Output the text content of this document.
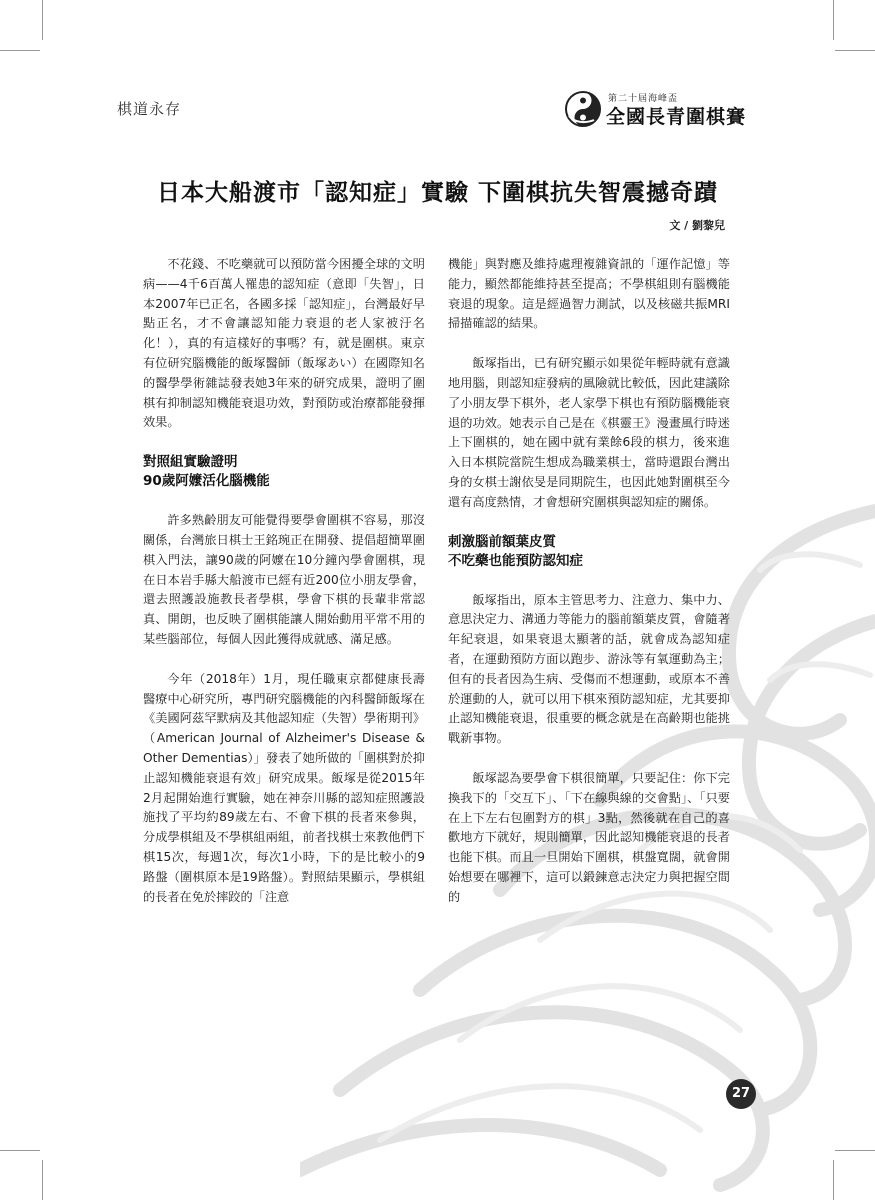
棋道永存
第二十屆海峰盃
全國長青圍棋賽
日本大船渡市「認知症」實驗 下圍棋抗失智震撼奇蹟
文 / 劉黎兒

不花錢、不吃藥就可以預防當今困擾全球的文明病——4千6百萬人罹患的認知症（意即「失智」，日本2007年已正名，各國多採「認知症」，台灣最好早點正名，才不會讓認知能力衰退的老人家被汙名化！），真的有這樣好的事嗎？有，就是圍棋。東京有位研究腦機能的飯塚醫師（飯塚あい）在國際知名的醫學學術雜誌發表她3年來的研究成果，證明了圍棋有抑制認知機能衰退功效，對預防或治療都能發揮效果。

對照組實驗證明
90歲阿嬤活化腦機能

許多熟齡朋友可能覺得要學會圍棋不容易，那沒關係，台灣旅日棋士王銘琬正在開發、提倡超簡單圍棋入門法，讓90歲的阿嬤在10分鐘內學會圍棋，現在日本岩手縣大船渡市已經有近200位小朋友學會，還去照護設施教長者學棋，學會下棋的長輩非常認真、開朗，也反映了圍棋能讓人開始動用平常不用的某些腦部位，每個人因此獲得成就感、滿足感。

今年（2018年）1月，現任職東京都健康長壽醫療中心研究所，專門研究腦機能的內科醫師飯塚在《美國阿茲罕默病及其他認知症（失智）學術期刊》（American Journal of Alzheimer's Disease & Other Dementias）」發表了她所做的「圍棋對於抑止認知機能衰退有效」研究成果。飯塚是從2015年2月起開始進行實驗，她在神奈川縣的認知症照護設施找了平均約89歲左右、不會下棋的長者來參與，分成學棋組及不學棋組兩組，前者找棋士來教他們下棋15次，每週1次，每次1小時，下的是比較小的9路盤（圍棋原本是19路盤）。對照結果顯示，學棋組的長者在免於摔跤的「注意

機能」與對應及維持處理複雜資訊的「運作記憶」等能力，顯然都能維持甚至提高；不學棋組則有腦機能衰退的現象。這是經過智力測試，以及核磁共振MRI掃描確認的結果。

飯塚指出，已有研究顯示如果從年輕時就有意識地用腦，則認知症發病的風險就比較低，因此建議除了小朋友學下棋外，老人家學下棋也有預防腦機能衰退的功效。她表示自己是在《棋靈王》漫畫風行時迷上下圍棋的，她在國中就有業餘6段的棋力，後來進入日本棋院當院生想成為職業棋士，當時還跟台灣出身的女棋士謝依旻是同期院生，也因此她對圍棋至今還有高度熱情，才會想研究圍棋與認知症的關係。

刺激腦前額葉皮質
不吃藥也能預防認知症

飯塚指出，原本主管思考力、注意力、集中力、意思決定力、溝通力等能力的腦前額葉皮質，會隨著年紀衰退，如果衰退太顯著的話，就會成為認知症者，在運動預防方面以跑步、游泳等有氧運動為主；但有的長者因為生病、受傷而不想運動，或原本不善於運動的人，就可以用下棋來預防認知症，尤其要抑止認知機能衰退，很重要的概念就是在高齡期也能挑戰新事物。

飯塚認為要學會下棋很簡單，只要記住：你下完換我下的「交互下」、「下在線與線的交會點」、「只要在上下左右包圍對方的棋」3點，然後就在自己的喜歡地方下就好，規則簡單，因此認知機能衰退的長者也能下棋。而且一旦開始下圍棋，棋盤寬闊，就會開始想要在哪裡下，這可以鍛鍊意志決定力與把握空間的

27
